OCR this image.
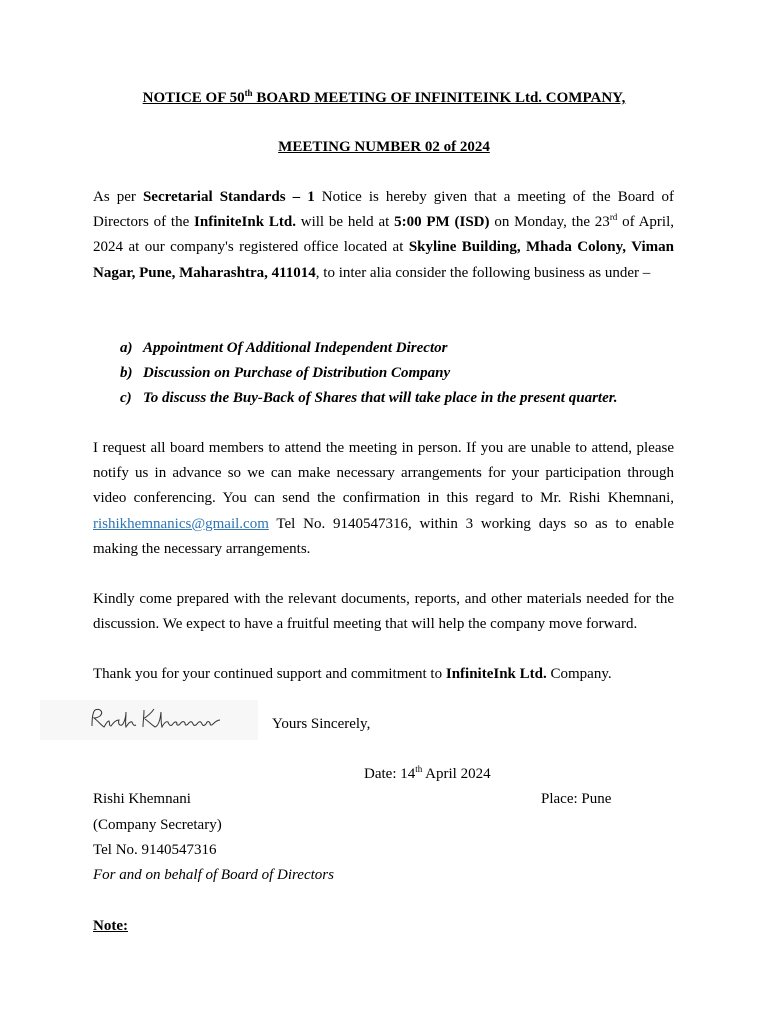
NOTICE OF 50th BOARD MEETING OF INFINITEINK Ltd. COMPANY,
MEETING NUMBER 02 of 2024
As per Secretarial Standards – 1 Notice is hereby given that a meeting of the Board of Directors of the InfiniteInk Ltd. will be held at 5:00 PM (ISD) on Monday, the 23rd of April, 2024 at our company's registered office located at Skyline Building, Mhada Colony, Viman Nagar, Pune, Maharashtra, 411014, to inter alia consider the following business as under –
a) Appointment Of Additional Independent Director
b) Discussion on Purchase of Distribution Company
c) To discuss the Buy-Back of Shares that will take place in the present quarter.
I request all board members to attend the meeting in person. If you are unable to attend, please notify us in advance so we can make necessary arrangements for your participation through video conferencing. You can send the confirmation in this regard to Mr. Rishi Khemnani, rishikhemnanics@gmail.com Tel No. 9140547316, within 3 working days so as to enable making the necessary arrangements.
Kindly come prepared with the relevant documents, reports, and other materials needed for the discussion. We expect to have a fruitful meeting that will help the company move forward.
Thank you for your continued support and commitment to InfiniteInk Ltd. Company.
Yours Sincerely,
Date: 14th April 2024
Rishi Khemnani	Place: Pune
(Company Secretary)
Tel No. 9140547316
For and on behalf of Board of Directors
Note:
